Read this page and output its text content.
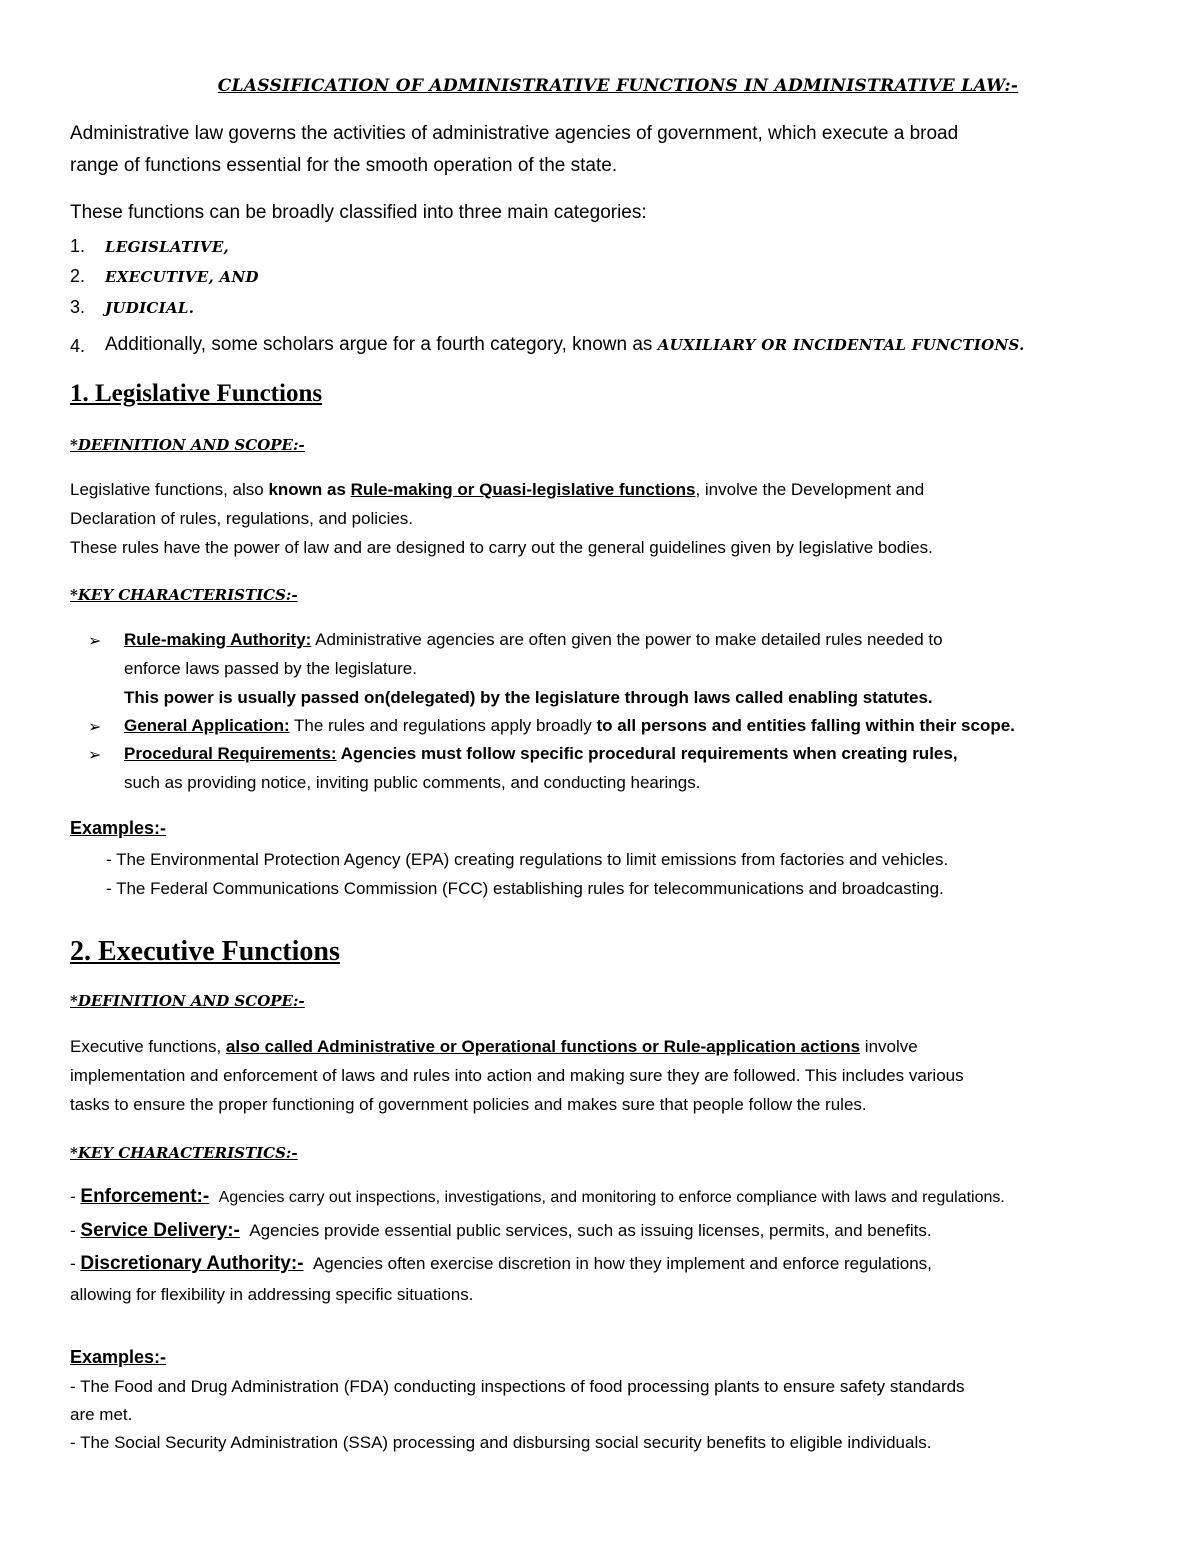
CLASSIFICATION OF ADMINISTRATIVE FUNCTIONS IN ADMINISTRATIVE LAW:-
Administrative law governs the activities of administrative agencies of government, which execute a broad
range of functions essential for the smooth operation of the state.
These functions can be broadly classified into three main categories:
1. LEGISLATIVE,
2. EXECUTIVE, AND
3. JUDICIAL.
4. Additionally, some scholars argue for a fourth category, known as AUXILIARY OR INCIDENTAL FUNCTIONS.
1. Legislative Functions
*DEFINITION AND SCOPE:-
Legislative functions, also known as Rule-making or Quasi-legislative functions, involve the Development and
Declaration of rules, regulations, and policies.
These rules have the power of law and are designed to carry out the general guidelines given by legislative bodies.
*KEY CHARACTERISTICS:-
➢ Rule-making Authority: Administrative agencies are often given the power to make detailed rules needed to
enforce laws passed by the legislature.
This power is usually passed on(delegated) by the legislature through laws called enabling statutes.
➢ General Application: The rules and regulations apply broadly to all persons and entities falling within their scope.
➢ Procedural Requirements: Agencies must follow specific procedural requirements when creating rules,
such as providing notice, inviting public comments, and conducting hearings.
Examples:-
- The Environmental Protection Agency (EPA) creating regulations to limit emissions from factories and vehicles.
- The Federal Communications Commission (FCC) establishing rules for telecommunications and broadcasting.
2. Executive Functions
*DEFINITION AND SCOPE:-
Executive functions, also called Administrative or Operational functions or Rule-application actions involve
implementation and enforcement of laws and rules into action and making sure they are followed. This includes various
tasks to ensure the proper functioning of government policies and makes sure that people follow the rules.
*KEY CHARACTERISTICS:-
- Enforcement:- Agencies carry out inspections, investigations, and monitoring to enforce compliance with laws and regulations.
- Service Delivery:- Agencies provide essential public services, such as issuing licenses, permits, and benefits.
- Discretionary Authority:- Agencies often exercise discretion in how they implement and enforce regulations,
allowing for flexibility in addressing specific situations.
Examples:-
- The Food and Drug Administration (FDA) conducting inspections of food processing plants to ensure safety standards
are met.
- The Social Security Administration (SSA) processing and disbursing social security benefits to eligible individuals.
